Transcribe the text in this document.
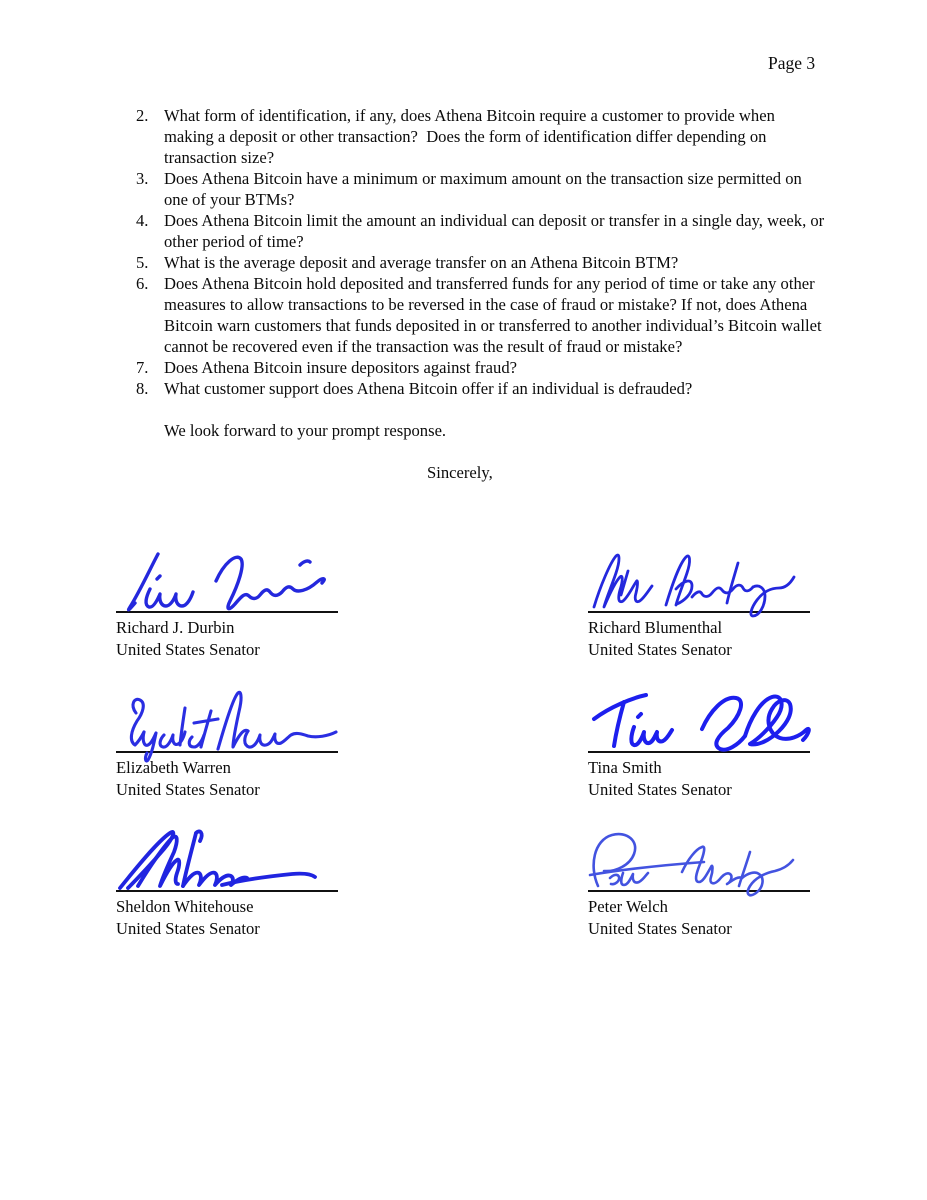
Page 3
2. What form of identification, if any, does Athena Bitcoin require a customer to provide when making a deposit or other transaction?  Does the form of identification differ depending on transaction size?
3. Does Athena Bitcoin have a minimum or maximum amount on the transaction size permitted on one of your BTMs?
4. Does Athena Bitcoin limit the amount an individual can deposit or transfer in a single day, week, or other period of time?
5. What is the average deposit and average transfer on an Athena Bitcoin BTM?
6. Does Athena Bitcoin hold deposited and transferred funds for any period of time or take any other measures to allow transactions to be reversed in the case of fraud or mistake? If not, does Athena Bitcoin warn customers that funds deposited in or transferred to another individual’s Bitcoin wallet cannot be recovered even if the transaction was the result of fraud or mistake?
7. Does Athena Bitcoin insure depositors against fraud?
8. What customer support does Athena Bitcoin offer if an individual is defrauded?
We look forward to your prompt response.
Sincerely,
Richard J. Durbin
United States Senator
Richard Blumenthal
United States Senator
Elizabeth Warren
United States Senator
Tina Smith
United States Senator
Sheldon Whitehouse
United States Senator
Peter Welch
United States Senator
